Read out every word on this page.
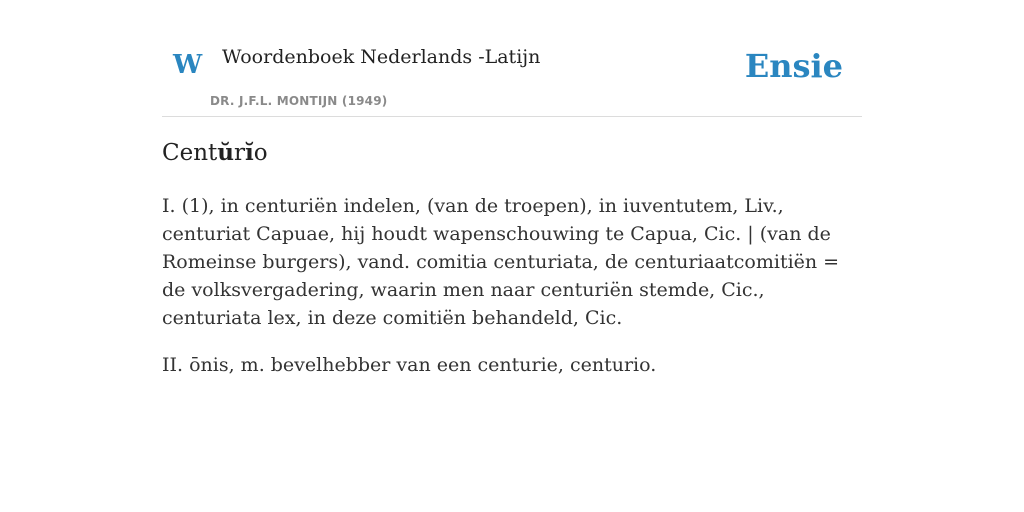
W Woordenboek Nederlands -Latijn
DR. J.F.L. MONTIJN (1949)
Ensie
Centŭrĭo

I. (1), in centuriën indelen, (van de troepen), in iuventutem, Liv., centuriat Capuae, hij houdt wapenschouwing te Capua, Cic. | (van de Romeinse burgers), vand. comitia centuriata, de centuriaatcomitiën = de volksvergadering, waarin men naar centuriën stemde, Cic., centuriata lex, in deze comitiën behandeld, Cic.

II. ōnis, m. bevelhebber van een centurie, centurio.
